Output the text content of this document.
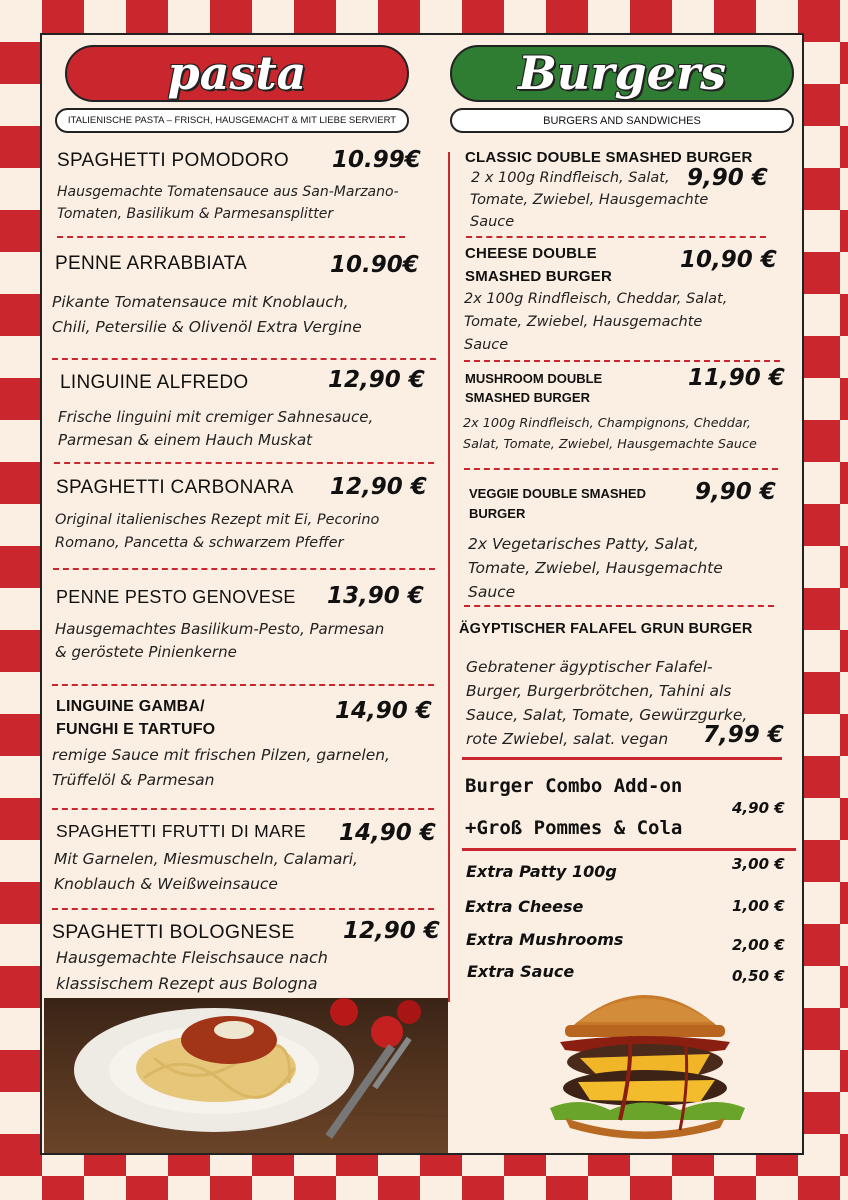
pasta
ITALIENISCHE PASTA – FRISCH, HAUSGEMACHT & MIT LIEBE SERVIERT
Burgers
BURGERS AND SANDWICHES
SPAGHETTI POMODORO 10.99€
Hausgemachte Tomatensauce aus San-Marzano-
Tomaten, Basilikum & Parmesansplitter
PENNE ARRABBIATA	10.90€
Pikante Tomatensauce mit Knoblauch,
Chili, Petersilie & Olivenöl Extra Vergine
LINGUINE ALFREDO	12,90 €
Frische linguini mit cremiger Sahnesauce,
Parmesan & einem Hauch Muskat
SPAGHETTI CARBONARA 12,90 €
Original italienisches Rezept mit Ei, Pecorino
Romano, Pancetta & schwarzem Pfeffer
PENNE PESTO GENOVESE 13,90 €
Hausgemachtes Basilikum-Pesto, Parmesan
& geröstete Pinienkerne
LINGUINE GAMBA/
FUNGHI E TARTUFO
14,90 €
remige Sauce mit frischen Pilzen, garnelen,
Trüffelöl & Parmesan
SPAGHETTI FRUTTI DI MARE 14,90 €
Mit Garnelen, Miesmuscheln, Calamari,
Knoblauch & Weißweinsauce
SPAGHETTI BOLOGNESE 12,90 €
Hausgemachte Fleischsauce nach
klassischem Rezept aus Bologna
CLASSIC DOUBLE SMASHED BURGER
2 x 100g Rindfleisch, Salat,
Tomate, Zwiebel, Hausgemachte
Sauce
9,90 €
CHEESE DOUBLE
SMASHED BURGER
10,90 €
2x 100g Rindfleisch, Cheddar, Salat,
Tomate, Zwiebel, Hausgemachte
Sauce
MUSHROOM DOUBLE
SMASHED BURGER
11,90 €
2x 100g Rindfleisch, Champignons, Cheddar,
Salat, Tomate, Zwiebel, Hausgemachte Sauce
VEGGIE DOUBLE SMASHED
BURGER
9,90 €
2x Vegetarisches Patty, Salat,
Tomate, Zwiebel, Hausgemachte
Sauce
ÄGYPTISCHER FALAFEL GRUN BURGER
Gebratener ägyptischer Falafel-
Burger, Burgerbrötchen, Tahini als
Sauce, Salat, Tomate, Gewürzgurke,
rote Zwiebel, salat. vegan 7,99 €
Burger Combo Add-on
+Groß Pommes & Cola
4,90 €
Extra Patty 100g	3,00 €
Extra Cheese	1,00 €
Extra Mushrooms	2,00 €
Extra Sauce	0,50 €
